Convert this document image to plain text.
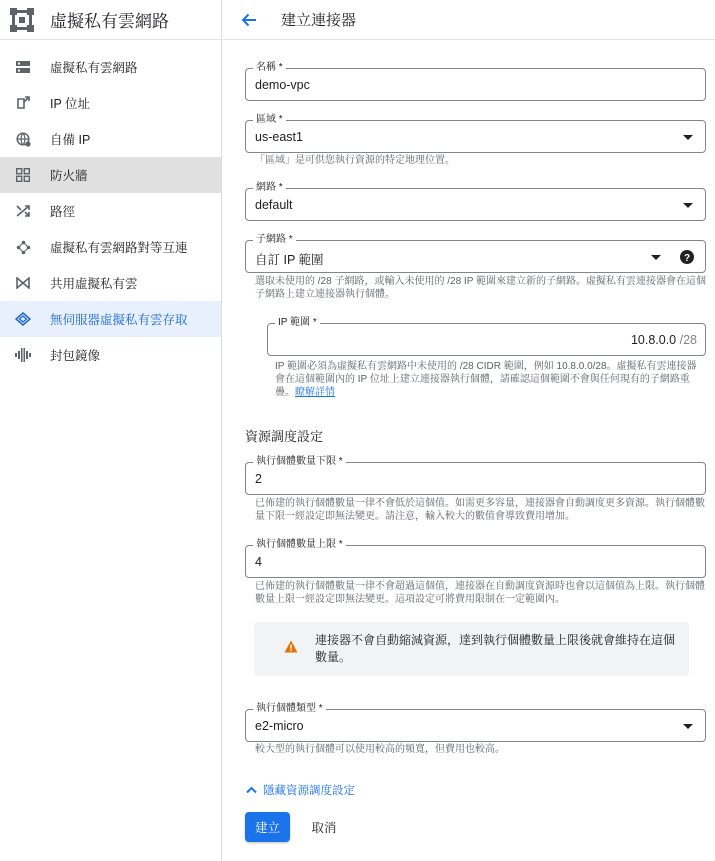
虛擬私有雲網路
虛擬私有雲網路
IP 位址
自備 IP
防火牆
路徑
虛擬私有雲網路對等互連
共用虛擬私有雲
無伺服器虛擬私有雲存取
封包鏡像
建立連接器
名稱 *
demo-vpc
區域 *
us-east1
「區域」是可供您執行資源的特定地理位置。
網路 *
default
子網路 *
自訂 IP 範圍	?
選取未使用的 /28 子網路，或輸入未使用的 /28 IP 範圍來建立新的子網路。虛擬私有雲連接器會在這個子網路上建立連接器執行個體。
IP 範圍 *
10.8.0.0 /28
IP 範圍必須為虛擬私有雲網路中未使用的 /28 CIDR 範圍，例如 10.8.0.0/28。虛擬私有雲連接器會在這個範圍內的 IP 位址上建立連接器執行個體，請確認這個範圍不會與任何現有的子網路重疊。瞭解詳情
資源調度設定
執行個體數量下限 *
2
已佈建的執行個體數量一律不會低於這個值。如需更多容量，連接器會自動調度更多資源。執行個體數量下限一經設定即無法變更。請注意，輸入較大的數值會導致費用增加。
執行個體數量上限 *
4
已佈建的執行個體數量一律不會超過這個值，連接器在自動調度資源時也會以這個值為上限。執行個體數量上限一經設定即無法變更。這項設定可將費用限制在一定範圍內。
連接器不會自動縮減資源，達到執行個體數量上限後就會維持在這個數量。
執行個體類型 *
e2-micro
較大型的執行個體可以使用較高的頻寬，但費用也較高。
隱藏資源調度設定
建立	取消
